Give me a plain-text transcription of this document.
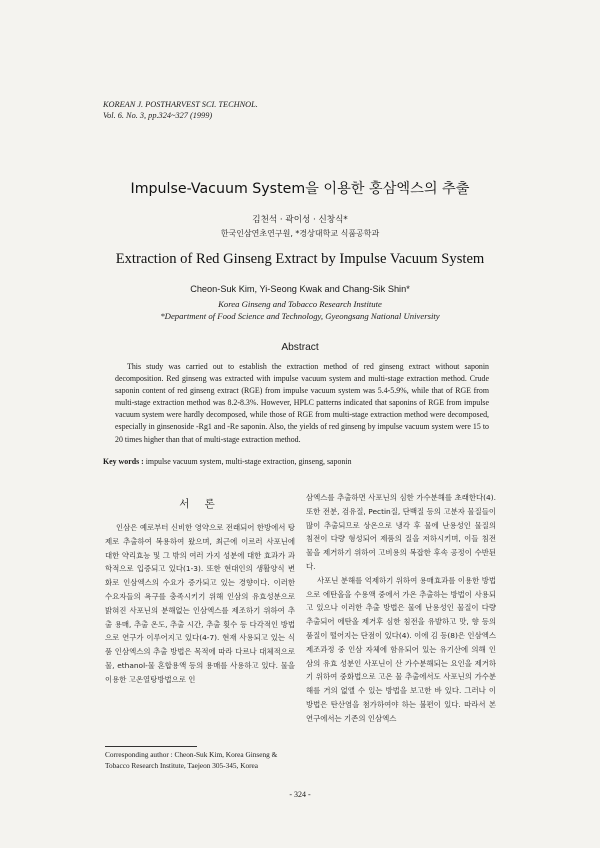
KOREAN J. POSTHARVEST SCI. TECHNOL.
Vol. 6. No. 3, pp.324~327 (1999)
Impulse-Vacuum System을 이용한 홍삼엑스의 추출
김천석 · 곽이성 · 신창식*
한국인삼연초연구원, *경상대학교 식품공학과
Extraction of Red Ginseng Extract by Impulse Vacuum System
Cheon-Suk Kim, Yi-Seong Kwak and Chang-Sik Shin*
Korea Ginseng and Tobacco Research Institute
*Department of Food Science and Technology, Gyeongsang National University
Abstract
This study was carried out to establish the extraction method of red ginseng extract without saponin decomposition. Red ginseng was extracted with impulse vacuum system and multi-stage extraction method. Crude saponin content of red ginseng extract (RGE) from impulse vacuum system was 5.4-5.9%, while that of RGE from multi-stage extraction method was 8.2-8.3%. However, HPLC patterns indicated that saponins of RGE from impulse vacuum system were hardly decomposed, while those of RGE from multi-stage extraction method were decomposed, especially in ginsenoside -Rg1 and -Re saponin. Also, the yields of red ginseng by impulse vacuum system were 15 to 20 times higher than that of multi-stage extraction method.
Key words : impulse vacuum system, multi-stage extraction, ginseng, saponin
서 론

인삼은 예로부터 신비한 영약으로 전래되어 한방에서 탕제로 추출하여 복용하여 왔으며, 최근에 이르러 사포닌에 대한 약리효능 및 그 밖의 여러 가지 성분에 대한 효과가 과학적으로 입증되고 있다(1-3). 또한 현대인의 생활양식 변화로 인삼엑스의 수요가 증가되고 있는 경향이다. 이러한 수요자들의 욕구를 충족시키기 위해 인삼의 유효성분으로 밝혀진 사포닌의 분해없는 인삼엑스를 제조하기 위하여 추출 용매, 추출 온도, 추출 시간, 추출 횟수 등 다각적인 방법으로 연구가 이루어지고 있다(4-7). 현재 사용되고 있는 식품 인삼엑스의 추출 방법은 목적에 따라 다르나 대체적으로 물, ethanol-물 혼합용액 등의 용매를 사용하고 있다. 물을 이용한 고온열탕방법으로 인

삼엑스를 추출하면 사포닌의 심한 가수분해를 초래한다(4). 또한 전분, 검유질, Pectin질, 단백질 등의 고분자 물질들이 많이 추출되므로 상온으로 냉각 후 물에 난용성인 물질의 침전이 다량 형성되어 제품의 질을 저하시키며, 이들 침전물을 제거하기 위하여 고비용의 복잡한 후속 공정이 수반된다.

사포닌 분해를 억제하기 위하여 용매효과를 이용한 방법으로 에탄올을 수용액 중에서 가온 추출하는 방법이 사용되고 있으나 이러한 추출 방법은 물에 난용성인 물질이 다량 추출되어 에탄올 제거후 심한 침전을 유발하고 맛, 향 등의 품질이 떨어지는 단점이 있다(4). 이에 김 등(8)은 인삼엑스 제조과정 중 인삼 자체에 함유되어 있는 유기산에 의해 인삼의 유효 성분인 사포닌이 산 가수분해되는 요인을 제거하기 위하여 중화법으로 고온 물 추출에서도 사포닌의 가수분해를 거의 없앨 수 있는 방법을 보고한 바 있다. 그러나 이 방법은 탄산염을 첨가하여야 하는 불편이 있다. 따라서 본 연구에서는 기존의 인삼엑스

Corresponding author : Cheon-Suk Kim, Korea Ginseng & Tobacco Research Institute, Taejeon 305-345, Korea
- 324 -
